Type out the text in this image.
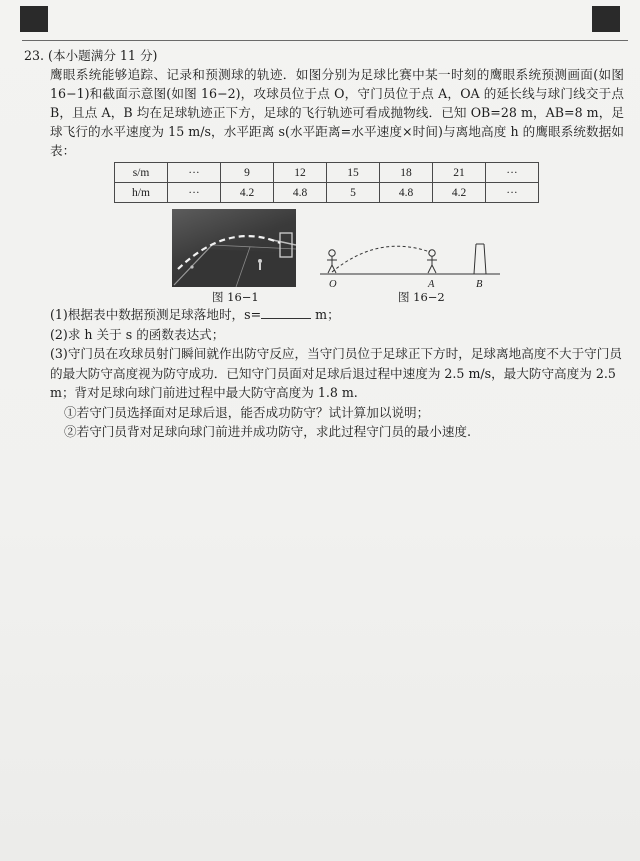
23. (本小题满分 11 分)

鹰眼系统能够追踪、记录和预测球的轨迹．如图分别为足球比赛中某一时刻的鹰眼系统预测画面(如图 16−1)和截面示意图(如图 16−2)，攻球员位于点 O，守门员位于点 A，OA 的延长线与球门线交于点 B，且点 A，B 均在足球轨迹正下方，足球的飞行轨迹可看成抛物线．已知 OB=28 m，AB=8 m，足球飞行的水平速度为 15 m/s，水平距离 s(水平距离=水平速度×时间)与离地高度 h 的鹰眼系统数据如表：

s/m	···	9	12	15	18	21	···
h/m	···	4.2	4.8	5	4.8	4.2	···
图 16−1
O	A	B
图 16−2

(1)根据表中数据预测足球落地时，s=	m；

(2)求 h 关于 s 的函数表达式；

(3)守门员在攻球员射门瞬间就作出防守反应，当守门员位于足球正下方时，足球离地高度不大于守门员的最大防守高度视为防守成功．已知守门员面对足球后退过程中速度为 2.5 m/s，最大防守高度为 2.5 m；背对足球向球门前进过程中最大防守高度为 1.8 m.

①若守门员选择面对足球后退，能否成功防守？试计算加以说明；

②若守门员背对足球向球门前进并成功防守，求此过程守门员的最小速度.
